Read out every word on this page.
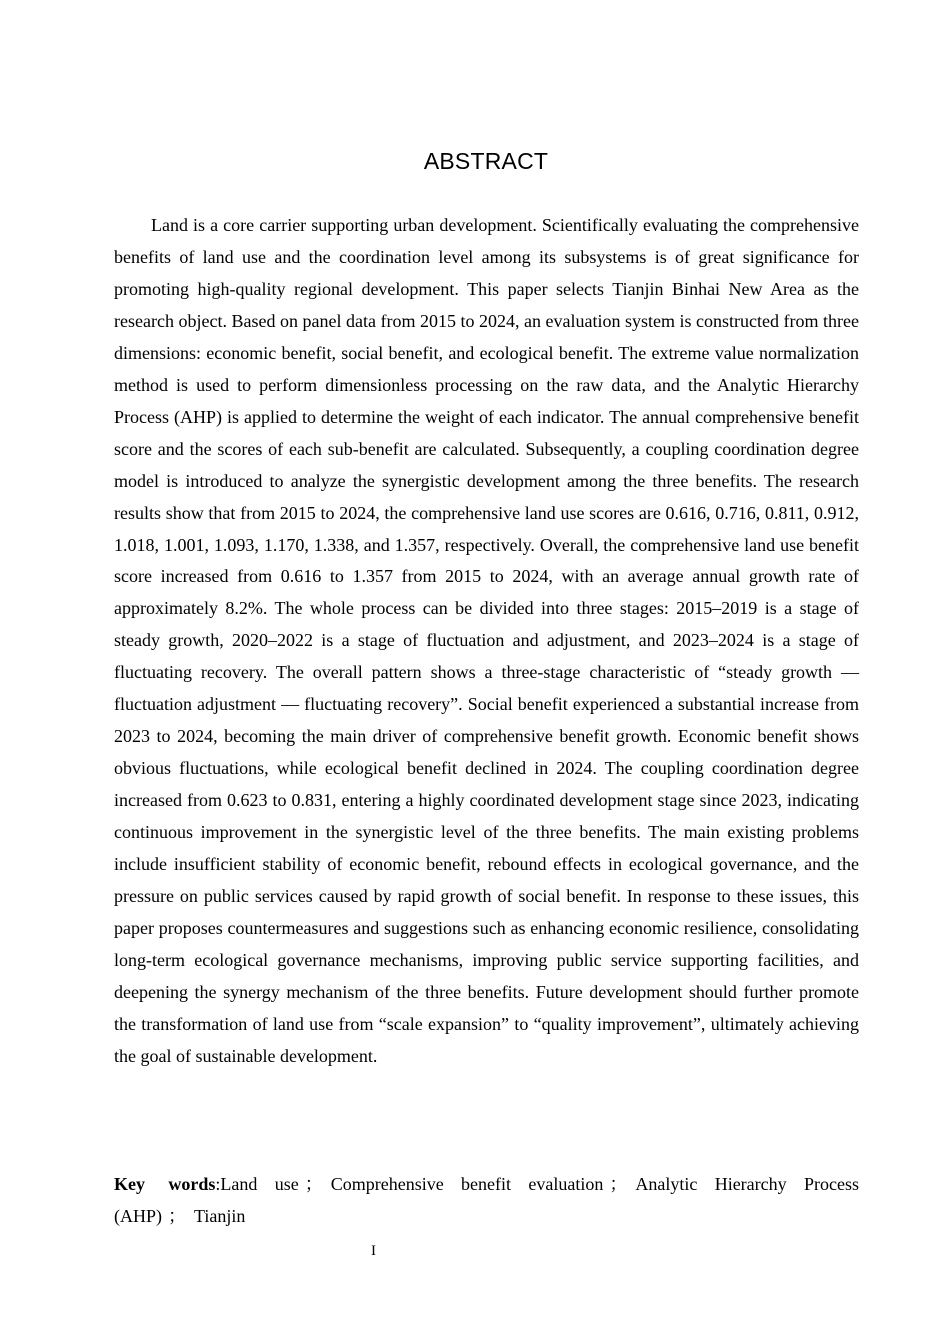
ABSTRACT

Land is a core carrier supporting urban development. Scientifically evaluating the comprehensive benefits of land use and the coordination level among its subsystems is of great significance for promoting high-quality regional development. This paper selects Tianjin Binhai New Area as the research object. Based on panel data from 2015 to 2024, an evaluation system is constructed from three dimensions: economic benefit, social benefit, and ecological benefit. The extreme value normalization method is used to perform dimensionless processing on the raw data, and the Analytic Hierarchy Process (AHP) is applied to determine the weight of each indicator. The annual comprehensive benefit score and the scores of each sub-benefit are calculated. Subsequently, a coupling coordination degree model is introduced to analyze the synergistic development among the three benefits. The research results show that from 2015 to 2024, the comprehensive land use scores are 0.616, 0.716, 0.811, 0.912, 1.018, 1.001, 1.093, 1.170, 1.338, and 1.357, respectively. Overall, the comprehensive land use benefit score increased from 0.616 to 1.357 from 2015 to 2024, with an average annual growth rate of approximately 8.2%. The whole process can be divided into three stages: 2015–2019 is a stage of steady growth, 2020–2022 is a stage of fluctuation and adjustment, and 2023–2024 is a stage of fluctuating recovery. The overall pattern shows a three-stage characteristic of “steady growth — fluctuation adjustment — fluctuating recovery”. Social benefit experienced a substantial increase from 2023 to 2024, becoming the main driver of comprehensive benefit growth. Economic benefit shows obvious fluctuations, while ecological benefit declined in 2024. The coupling coordination degree increased from 0.623 to 0.831, entering a highly coordinated development stage since 2023, indicating continuous improvement in the synergistic level of the three benefits. The main existing problems include insufficient stability of economic benefit, rebound effects in ecological governance, and the pressure on public services caused by rapid growth of social benefit. In response to these issues, this paper proposes countermeasures and suggestions such as enhancing economic resilience, consolidating long-term ecological governance mechanisms, improving public service supporting facilities, and deepening the synergy mechanism of the three benefits. Future development should further promote the transformation of land use from “scale expansion” to “quality improvement”, ultimately achieving the goal of sustainable development.

Key words:Land use ； Comprehensive benefit evaluation ； Analytic Hierarchy Process (AHP) ； Tianjin

I
